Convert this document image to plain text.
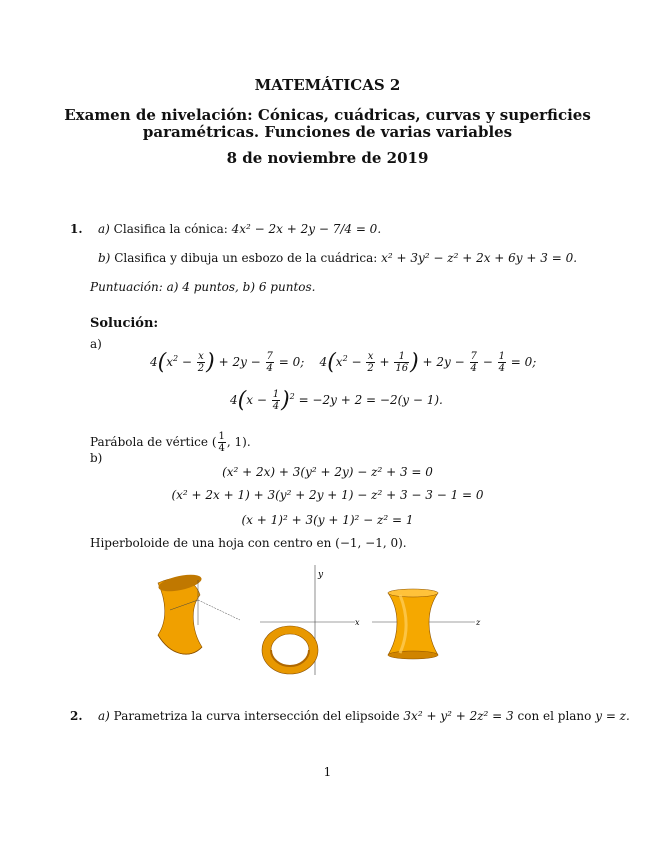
MATEMÁTICAS 2
Examen de nivelación: Cónicas, cuádricas, curvas y superficies
paramétricas. Funciones de varias variables
8 de noviembre de 2019
1. a) Clasifica la cónica: 4x² − 2x + 2y − 7/4 = 0.
b) Clasifica y dibuja un esbozo de la cuádrica: x² + 3y² − z² + 2x + 6y + 3 = 0.
Puntuación: a) 4 puntos, b) 6 puntos.
Solución:
a)
$4(x^2 - \frac{x}{2}$ ) + $2y - \frac{7}{4} = 0$;    $4(x^2 - \frac{x}{2} + \frac{1}{16}$ ) + $2y - \frac{7}{4} - \frac{1}{4} = 0$;
$4(x - \frac{1}{4} )^2 = -2y + 2 = -2(y - 1)$.
Parábola de vértice ( $\frac{1}{4}$ , 1).
b)
(x² + 2x) + 3(y² + 2y) − z² + 3 = 0
(x² + 2x + 1) + 3(y² + 2y + 1) − z² + 3 − 3 − 1 = 0
(x + 1)² + 3(y + 1)² − z² = 1
Hiperboloide de una hoja con centro en (−1, −1, 0).
y
x	z
2. a) Parametriza la curva intersección del elipsoide 3x² + y² + 2z² = 3 con el plano y = z.
1
